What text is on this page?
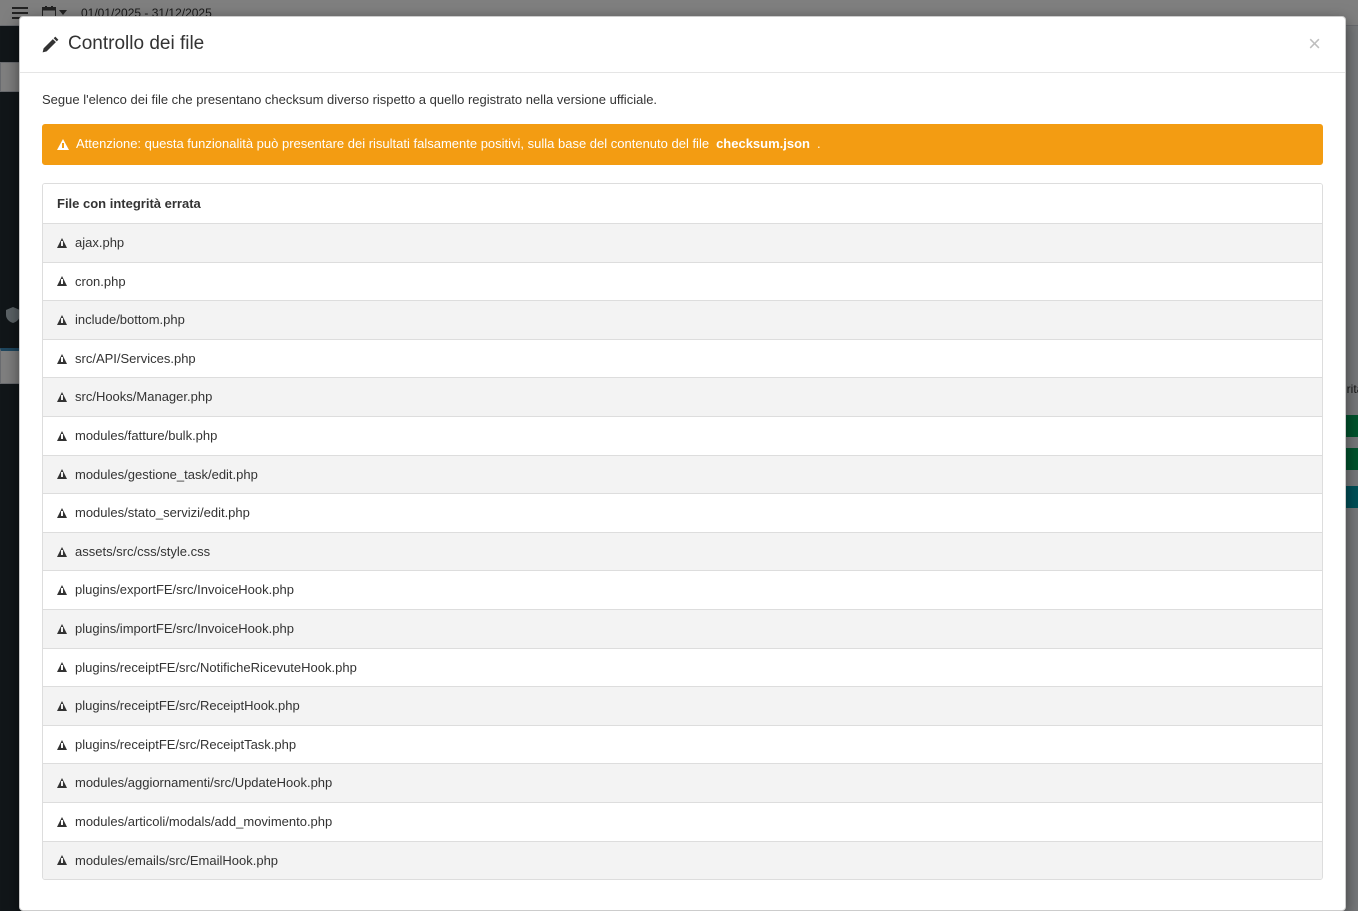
Controllo dei file	×

Segue l'elenco dei file che presentano checksum diverso rispetto a quello registrato nella versione ufficiale.

Attenzione: questa funzionalità può presentare dei risultati falsamente positivi, sulla base del contenuto del file checksum.json .
File con integrità errata
ajax.php
cron.php
include/bottom.php
src/API/Services.php
src/Hooks/Manager.php
modules/fatture/bulk.php
modules/gestione_task/edit.php
modules/stato_servizi/edit.php
assets/src/css/style.css
plugins/exportFE/src/InvoiceHook.php
plugins/importFE/src/InvoiceHook.php
plugins/receiptFE/src/NotificheRicevuteHook.php
plugins/receiptFE/src/ReceiptHook.php
plugins/receiptFE/src/ReceiptTask.php
modules/aggiornamenti/src/UpdateHook.php
modules/articoli/modals/add_movimento.php
modules/emails/src/EmailHook.php
